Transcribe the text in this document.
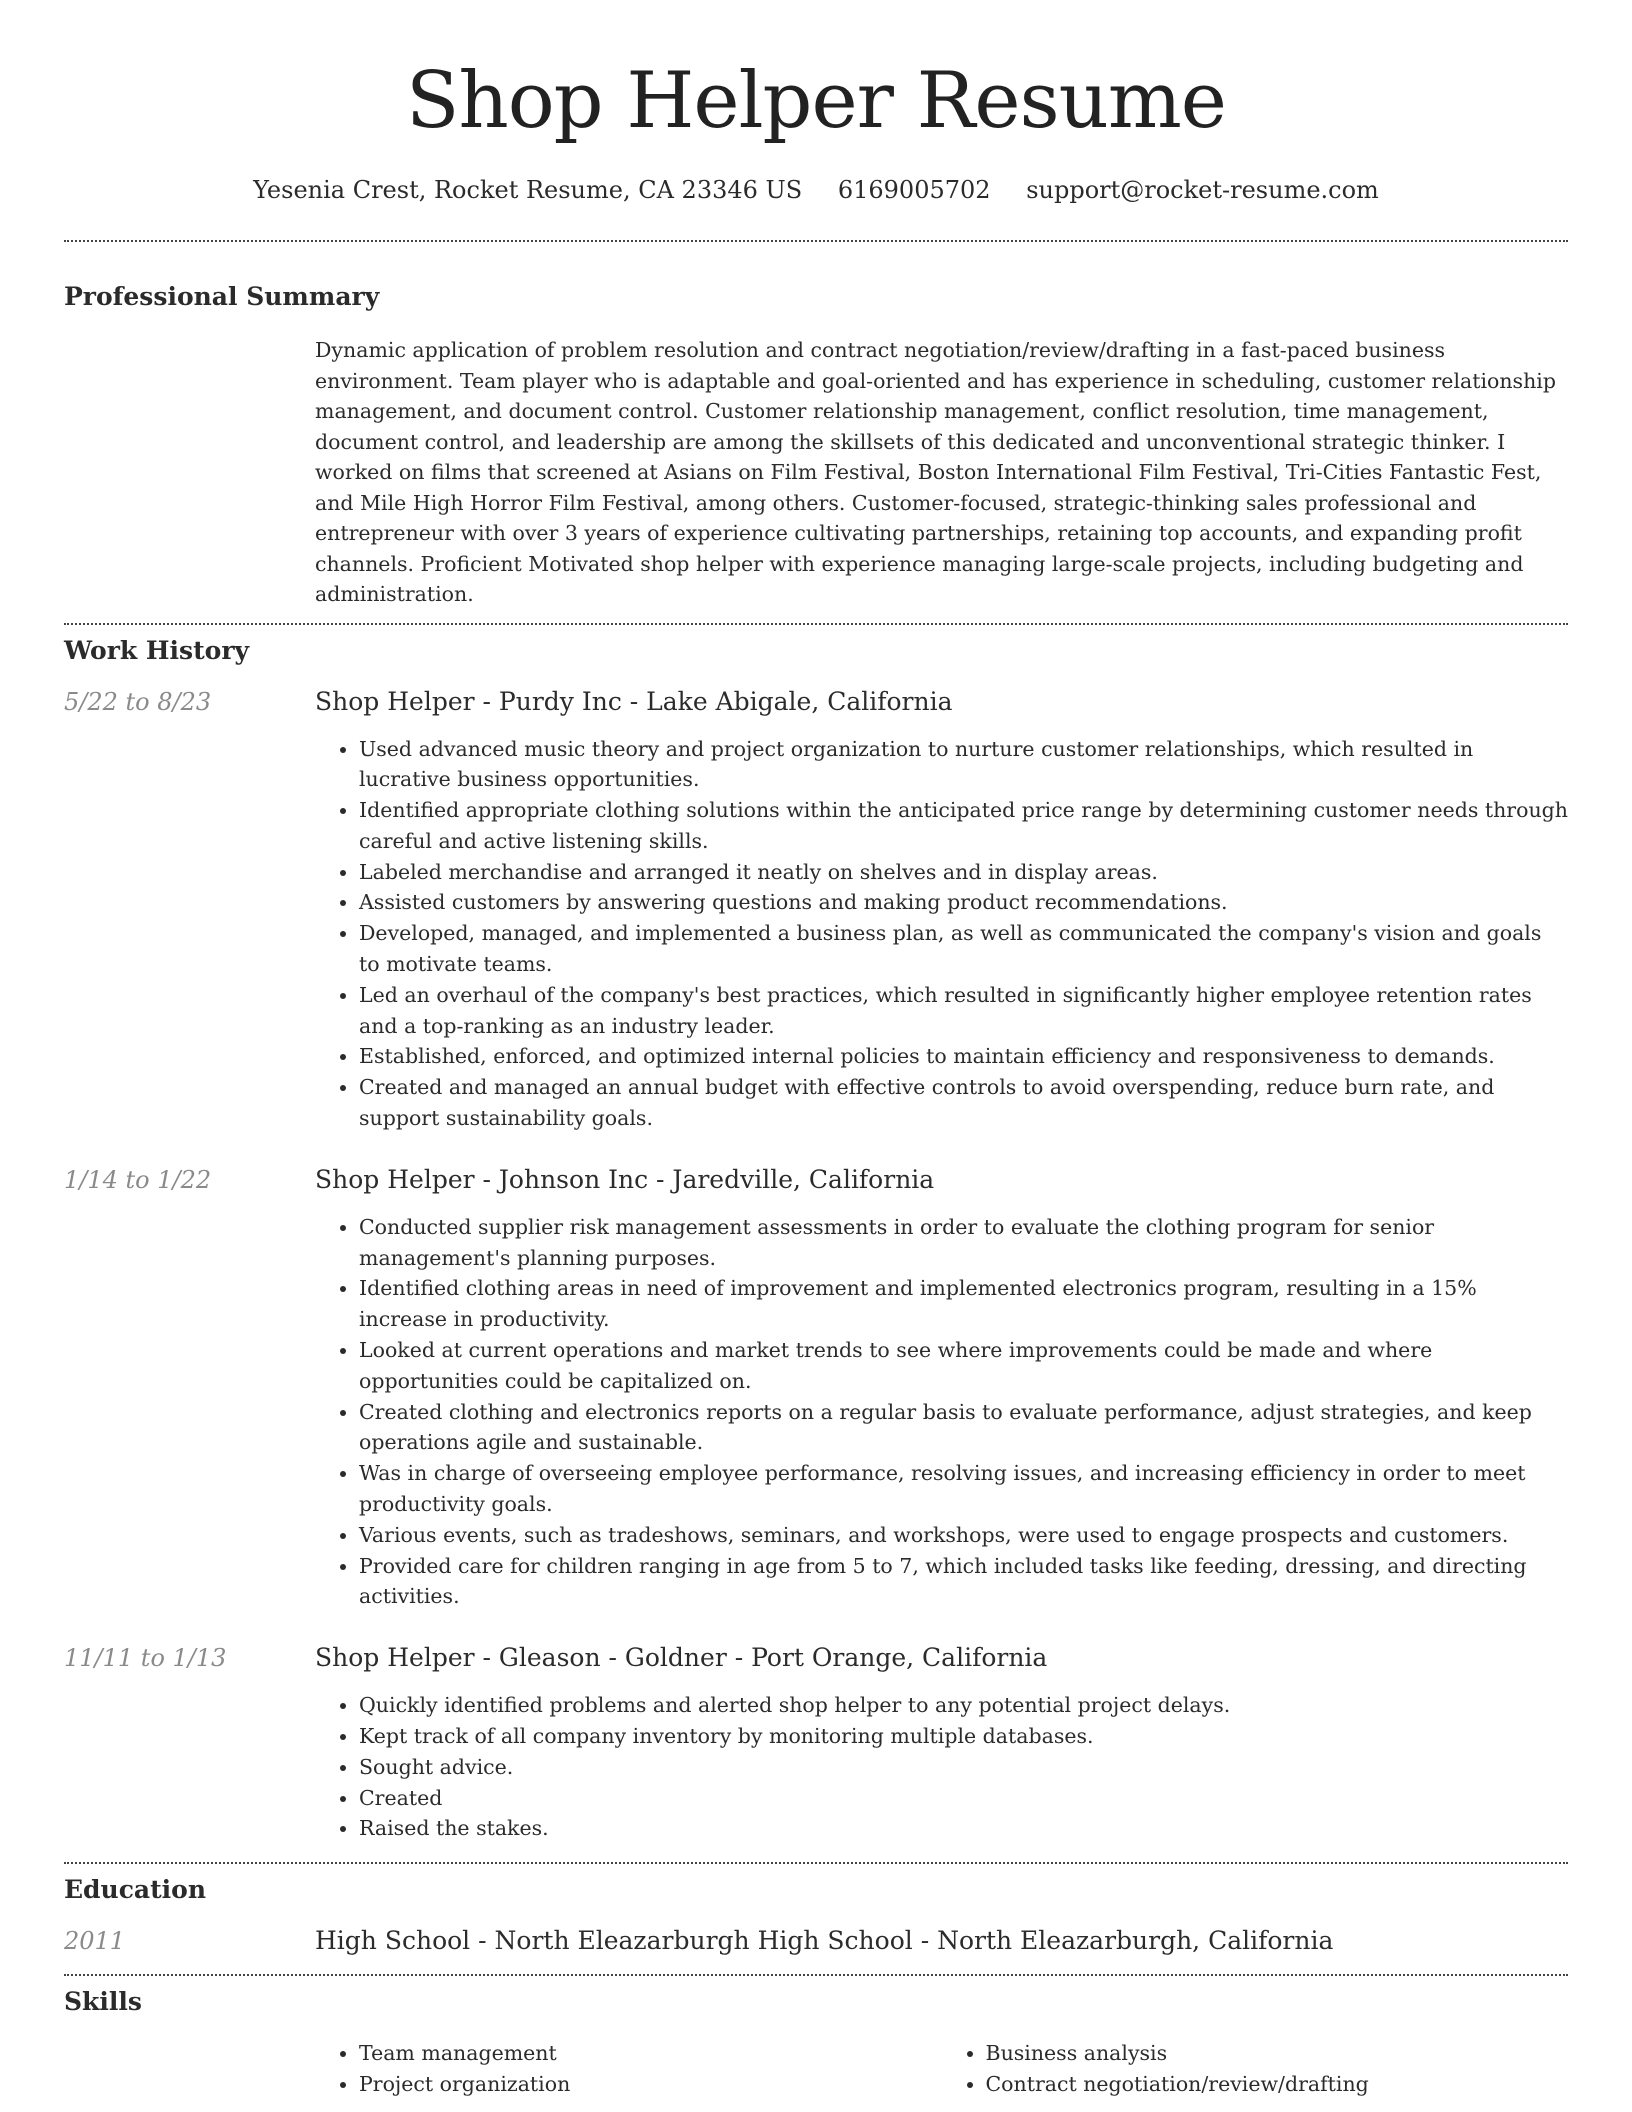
Shop Helper Resume
Yesenia Crest, Rocket Resume, CA 23346 US 6169005702 support@rocket-resume.com
Professional Summary

Dynamic application of problem resolution and contract negotiation/review/drafting in a fast-paced business environment. Team player who is adaptable and goal-oriented and has experience in scheduling, customer relationship management, and document control. Customer relationship management, conflict resolution, time management, document control, and leadership are among the skillsets of this dedicated and unconventional strategic thinker. I worked on films that screened at Asians on Film Festival, Boston International Film Festival, Tri-Cities Fantastic Fest, and Mile High Horror Film Festival, among others. Customer-focused, strategic-thinking sales professional and entrepreneur with over 3 years of experience cultivating partnerships, retaining top accounts, and expanding profit channels. Proficient Motivated shop helper with experience managing large-scale projects, including budgeting and administration.

Work History
5/22 to 8/23	Shop Helper - Purdy Inc - Lake Abigale, California
• Used advanced music theory and project organization to nurture customer relationships, which resulted in lucrative business opportunities.
• Identified appropriate clothing solutions within the anticipated price range by determining customer needs through careful and active listening skills.
• Labeled merchandise and arranged it neatly on shelves and in display areas.
• Assisted customers by answering questions and making product recommendations.
• Developed, managed, and implemented a business plan, as well as communicated the company's vision and goals to motivate teams.
• Led an overhaul of the company's best practices, which resulted in significantly higher employee retention rates and a top-ranking as an industry leader.
• Established, enforced, and optimized internal policies to maintain efficiency and responsiveness to demands.
• Created and managed an annual budget with effective controls to avoid overspending, reduce burn rate, and support sustainability goals.
1/14 to 1/22	Shop Helper - Johnson Inc - Jaredville, California
• Conducted supplier risk management assessments in order to evaluate the clothing program for senior management's planning purposes.
• Identified clothing areas in need of improvement and implemented electronics program, resulting in a 15% increase in productivity.
• Looked at current operations and market trends to see where improvements could be made and where opportunities could be capitalized on.
• Created clothing and electronics reports on a regular basis to evaluate performance, adjust strategies, and keep operations agile and sustainable.
• Was in charge of overseeing employee performance, resolving issues, and increasing efficiency in order to meet productivity goals.
• Various events, such as tradeshows, seminars, and workshops, were used to engage prospects and customers.
• Provided care for children ranging in age from 5 to 7, which included tasks like feeding, dressing, and directing activities.
11/11 to 1/13	Shop Helper - Gleason - Goldner - Port Orange, California
• Quickly identified problems and alerted shop helper to any potential project delays.
• Kept track of all company inventory by monitoring multiple databases.
• Sought advice.
• Created
• Raised the stakes.
Education
2011	High School - North Eleazarburgh High School - North Eleazarburgh, California
Skills
• Team management
• Project organization
• Business analysis
• Contract negotiation/review/drafting
